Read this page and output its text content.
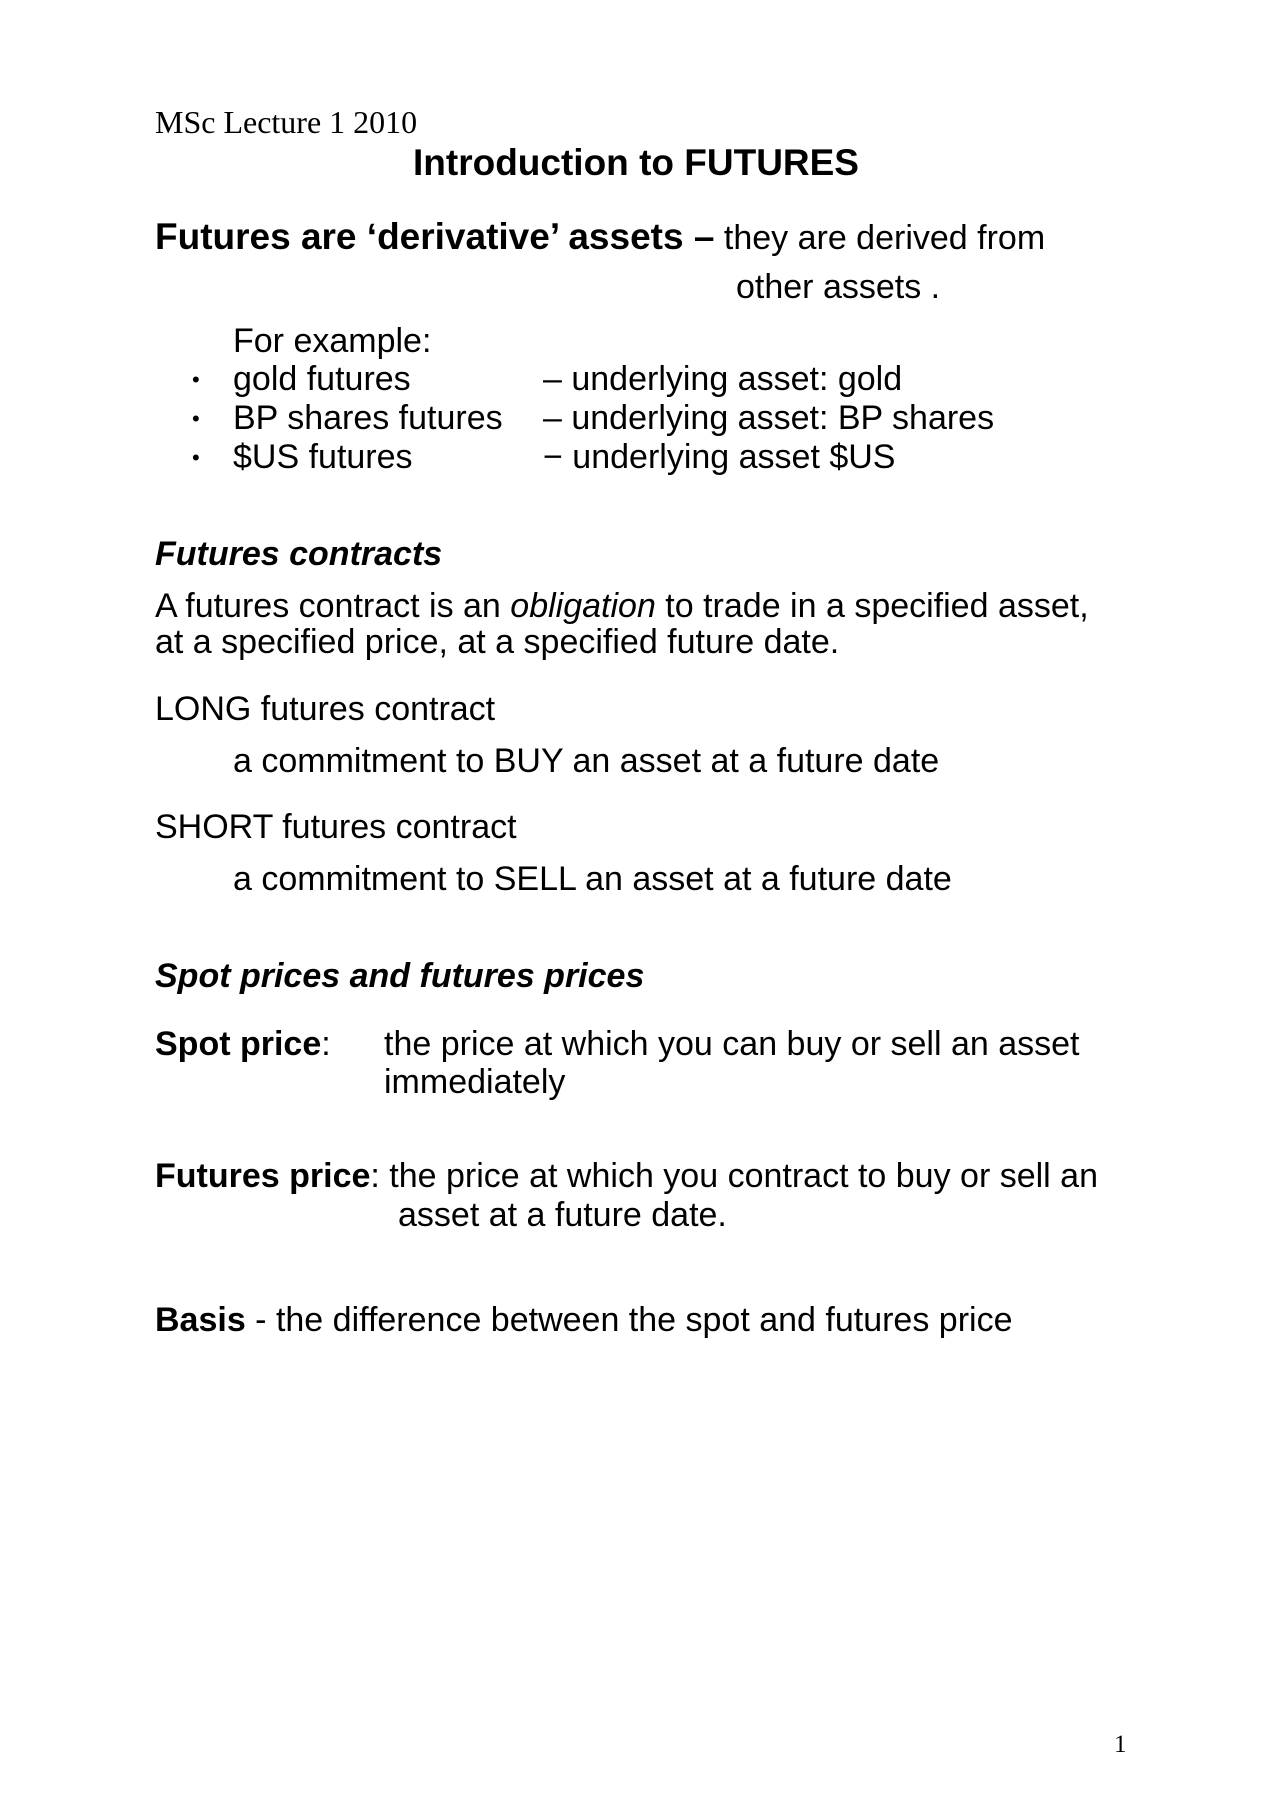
MSc Lecture 1 2010
Introduction to FUTURES
Futures are ‘derivative’ assets – they are derived from
other assets .
For example:
• gold futures	– underlying asset: gold
• BP shares futures	– underlying asset: BP shares
• $US futures	− underlying asset $US
Futures contracts
A futures contract is an obligation to trade in a specified asset,
at a specified price, at a specified future date.
LONG futures contract
a commitment to BUY an asset at a future date
SHORT futures contract
a commitment to SELL an asset at a future date
Spot prices and futures prices
Spot price: the price at which you can buy or sell an asset
immediately
Futures price: the price at which you contract to buy or sell an
asset at a future date.
Basis - the difference between the spot and futures price
1
